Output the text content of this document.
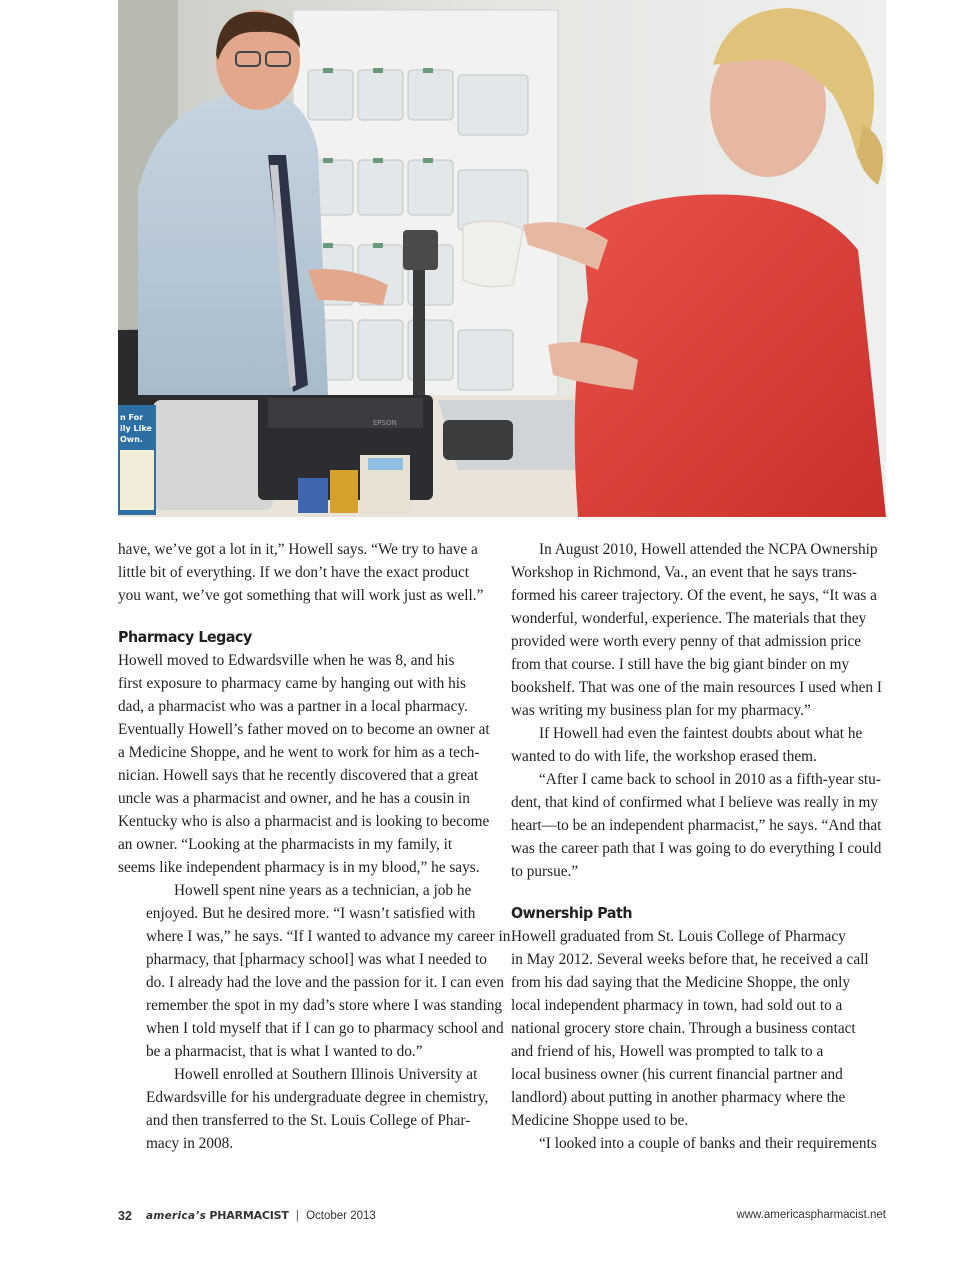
EPSON
n For
ily Like
Own.

have, we’ve got a lot in it,” Howell says. “We try to have a
little bit of everything. If we don’t have the exact product
you want, we’ve got something that will work just as well.”

Pharmacy Legacy

Howell moved to Edwardsville when he was 8, and his
first exposure to pharmacy came by hanging out with his
dad, a pharmacist who was a partner in a local pharmacy.
Eventually Howell’s father moved on to become an owner at
a Medicine Shoppe, and he went to work for him as a tech-
nician. Howell says that he recently discovered that a great
uncle was a pharmacist and owner, and he has a cousin in
Kentucky who is also a pharmacist and is looking to become
an owner. “Looking at the pharmacists in my family, it
seems like independent pharmacy is in my blood,” he says.

Howell spent nine years as a technician, a job he
enjoyed. But he desired more. “I wasn’t satisfied with
where I was,” he says. “If I wanted to advance my career in
pharmacy, that [pharmacy school] was what I needed to
do. I already had the love and the passion for it. I can even
remember the spot in my dad’s store where I was standing
when I told myself that if I can go to pharmacy school and
be a pharmacist, that is what I wanted to do.”

Howell enrolled at Southern Illinois University at
Edwardsville for his undergraduate degree in chemistry,
and then transferred to the St. Louis College of Phar-
macy in 2008.

In August 2010, Howell attended the NCPA Ownership
Workshop in Richmond, Va., an event that he says trans-
formed his career trajectory. Of the event, he says, “It was a
wonderful, wonderful, experience. The materials that they
provided were worth every penny of that admission price
from that course. I still have the big giant binder on my
bookshelf. That was one of the main resources I used when I
was writing my business plan for my pharmacy.”

If Howell had even the faintest doubts about what he
wanted to do with life, the workshop erased them.

“After I came back to school in 2010 as a fifth-year stu-
dent, that kind of confirmed what I believe was really in my
heart—to be an independent pharmacist,” he says. “And that
was the career path that I was going to do everything I could
to pursue.”

Ownership Path

Howell graduated from St. Louis College of Pharmacy
in May 2012. Several weeks before that, he received a call
from his dad saying that the Medicine Shoppe, the only
local independent pharmacy in town, had sold out to a
national grocery store chain. Through a business contact
and friend of his, Howell was prompted to talk to a
local business owner (his current financial partner and
landlord) about putting in another pharmacy where the
Medicine Shoppe used to be.

“I looked into a couple of banks and their requirements

32 america’s PHARMACIST | October 2013	www.americaspharmacist.net
